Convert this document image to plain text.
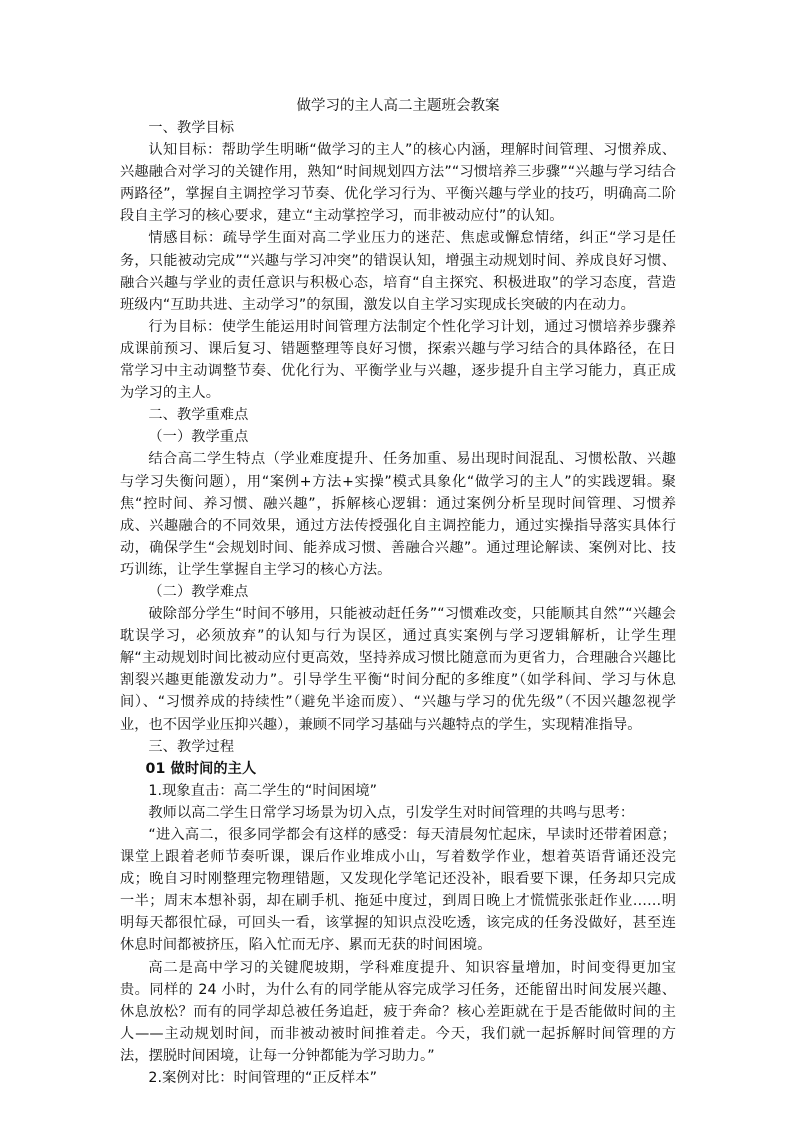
做学习的主人高二主题班会教案

一、教学目标

认知目标：帮助学生明晰“做学习的主人”的核心内涵，理解时间管理、习惯养成、兴趣融合对学习的关键作用，熟知“时间规划四方法”“习惯培养三步骤”“兴趣与学习结合两路径”，掌握自主调控学习节奏、优化学习行为、平衡兴趣与学业的技巧，明确高二阶段自主学习的核心要求，建立“主动掌控学习，而非被动应付”的认知。

情感目标：疏导学生面对高二学业压力的迷茫、焦虑或懈怠情绪，纠正“学习是任务，只能被动完成”“兴趣与学习冲突”的错误认知，增强主动规划时间、养成良好习惯、融合兴趣与学业的责任意识与积极心态，培育“自主探究、积极进取”的学习态度，营造班级内“互助共进、主动学习”的氛围，激发以自主学习实现成长突破的内在动力。

行为目标：使学生能运用时间管理方法制定个性化学习计划，通过习惯培养步骤养成课前预习、课后复习、错题整理等良好习惯，探索兴趣与学习结合的具体路径，在日常学习中主动调整节奏、优化行为、平衡学业与兴趣，逐步提升自主学习能力，真正成为学习的主人。

二、教学重难点

（一）教学重点

结合高二学生特点（学业难度提升、任务加重、易出现时间混乱、习惯松散、兴趣与学习失衡问题），用“案例+方法+实操”模式具象化“做学习的主人”的实践逻辑。聚焦“控时间、养习惯、融兴趣”，拆解核心逻辑：通过案例分析呈现时间管理、习惯养成、兴趣融合的不同效果，通过方法传授强化自主调控能力，通过实操指导落实具体行动，确保学生“会规划时间、能养成习惯、善融合兴趣”。通过理论解读、案例对比、技巧训练，让学生掌握自主学习的核心方法。

（二）教学难点

破除部分学生“时间不够用，只能被动赶任务”“习惯难改变，只能顺其自然”“兴趣会耽误学习，必须放弃”的认知与行为误区，通过真实案例与学习逻辑解析，让学生理解“主动规划时间比被动应付更高效，坚持养成习惯比随意而为更省力，合理融合兴趣比割裂兴趣更能激发动力”。引导学生平衡“时间分配的多维度”（如学科间、学习与休息间）、“习惯养成的持续性”（避免半途而废）、“兴趣与学习的优先级”（不因兴趣忽视学业，也不因学业压抑兴趣），兼顾不同学习基础与兴趣特点的学生，实现精准指导。

三、教学过程

01 做时间的主人

1.现象直击：高二学生的“时间困境”

教师以高二学生日常学习场景为切入点，引发学生对时间管理的共鸣与思考：

“进入高二，很多同学都会有这样的感受：每天清晨匆忙起床，早读时还带着困意；课堂上跟着老师节奏听课，课后作业堆成小山，写着数学作业，想着英语背诵还没完成；晚自习时刚整理完物理错题，又发现化学笔记还没补，眼看要下课，任务却只完成一半；周末本想补弱，却在刷手机、拖延中度过，到周日晚上才慌慌张张赶作业……明明每天都很忙碌，可回头一看，该掌握的知识点没吃透，该完成的任务没做好，甚至连休息时间都被挤压，陷入忙而无序、累而无获的时间困境。

高二是高中学习的关键爬坡期，学科难度提升、知识容量增加，时间变得更加宝贵。同样的 24 小时，为什么有的同学能从容完成学习任务，还能留出时间发展兴趣、休息放松？而有的同学却总被任务追赶，疲于奔命？核心差距就在于是否能做时间的主人——主动规划时间，而非被动被时间推着走。今天，我们就一起拆解时间管理的方法，摆脱时间困境，让每一分钟都能为学习助力。”

2.案例对比：时间管理的“正反样本”
